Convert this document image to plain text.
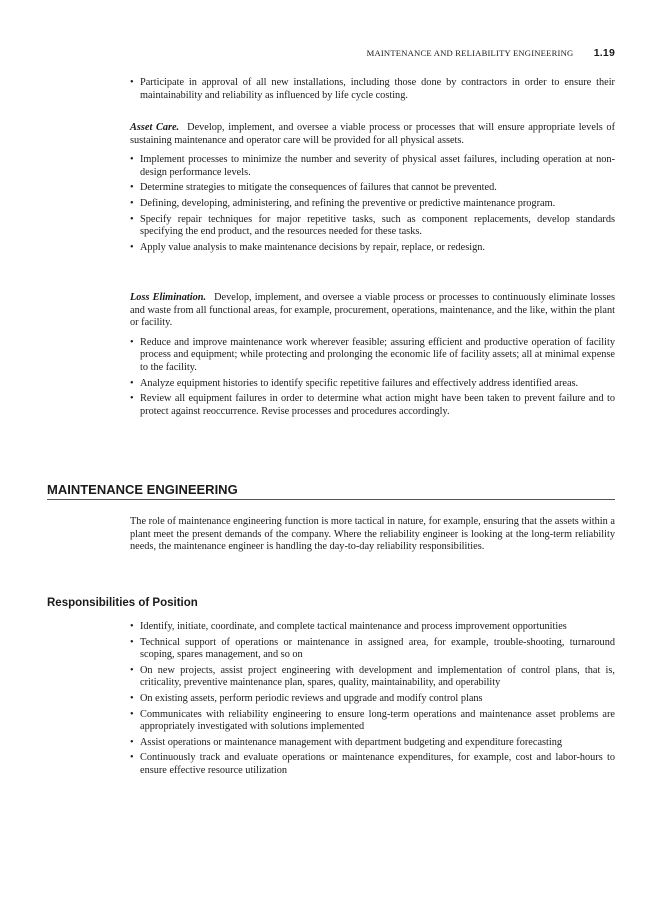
MAINTENANCE AND RELIABILITY ENGINEERING 1.19
• Participate in approval of all new installations, including those done by contractors in order to ensure their maintainability and reliability as influenced by life cycle costing.

Asset Care. Develop, implement, and oversee a viable process or processes that will ensure appropriate levels of sustaining maintenance and operator care will be provided for all physical assets.

• Implement processes to minimize the number and severity of physical asset failures, including operation at non-design performance levels.
• Determine strategies to mitigate the consequences of failures that cannot be prevented.
• Defining, developing, administering, and refining the preventive or predictive maintenance program.
• Specify repair techniques for major repetitive tasks, such as component replacements, develop standards specifying the end product, and the resources needed for these tasks.
• Apply value analysis to make maintenance decisions by repair, replace, or redesign.

Loss Elimination. Develop, implement, and oversee a viable process or processes to continuously eliminate losses and waste from all functional areas, for example, procurement, operations, maintenance, and the like, within the plant or facility.

• Reduce and improve maintenance work wherever feasible; assuring efficient and productive operation of facility process and equipment; while protecting and prolonging the economic life of facility assets; all at minimal expense to the facility.
• Analyze equipment histories to identify specific repetitive failures and effectively address identified areas.
• Review all equipment failures in order to determine what action might have been taken to prevent failure and to protect against reoccurrence. Revise processes and procedures accordingly.
MAINTENANCE ENGINEERING

The role of maintenance engineering function is more tactical in nature, for example, ensuring that the assets within a plant meet the present demands of the company. Where the reliability engineer is looking at the long-term reliability needs, the maintenance engineer is handling the day-to-day reliability responsibilities.

Responsibilities of Position
• Identify, initiate, coordinate, and complete tactical maintenance and process improvement opportunities
• Technical support of operations or maintenance in assigned area, for example, trouble-shooting, turnaround scoping, spares management, and so on
• On new projects, assist project engineering with development and implementation of control plans, that is, criticality, preventive maintenance plan, spares, quality, maintainability, and operability
• On existing assets, perform periodic reviews and upgrade and modify control plans
• Communicates with reliability engineering to ensure long-term operations and maintenance asset problems are appropriately investigated with solutions implemented
• Assist operations or maintenance management with department budgeting and expenditure forecasting
• Continuously track and evaluate operations or maintenance expenditures, for example, cost and labor-hours to ensure effective resource utilization
